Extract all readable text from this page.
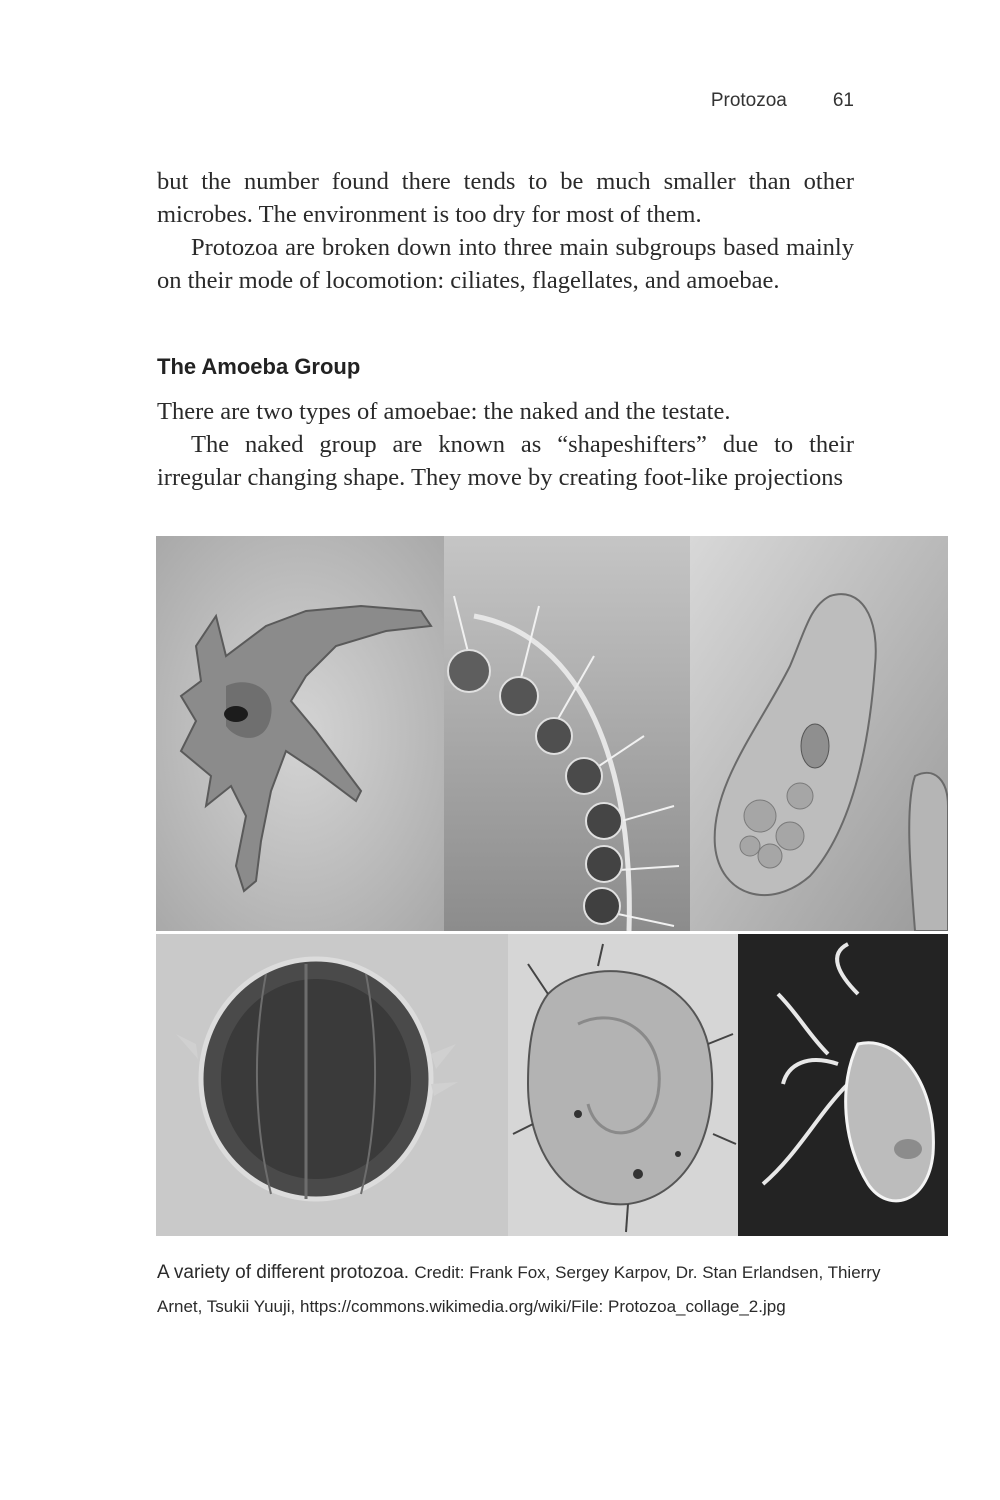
Protozoa 61

but the number found there tends to be much smaller than other microbes. The environment is too dry for most of them.

Protozoa are broken down into three main subgroups based mainly on their mode of locomotion: ciliates, flagellates, and amoebae.

The Amoeba Group

There are two types of amoebae: the naked and the testate.

The naked group are known as “shapeshifters” due to their irregular changing shape. They move by creating foot-like projections

A variety of different protozoa. Credit: Frank Fox, Sergey Karpov, Dr. Stan Erlandsen, Thierry Arnet, Tsukii Yuuji, https://commons.wikimedia.org/wiki/File: Protozoa_collage_2.jpg
